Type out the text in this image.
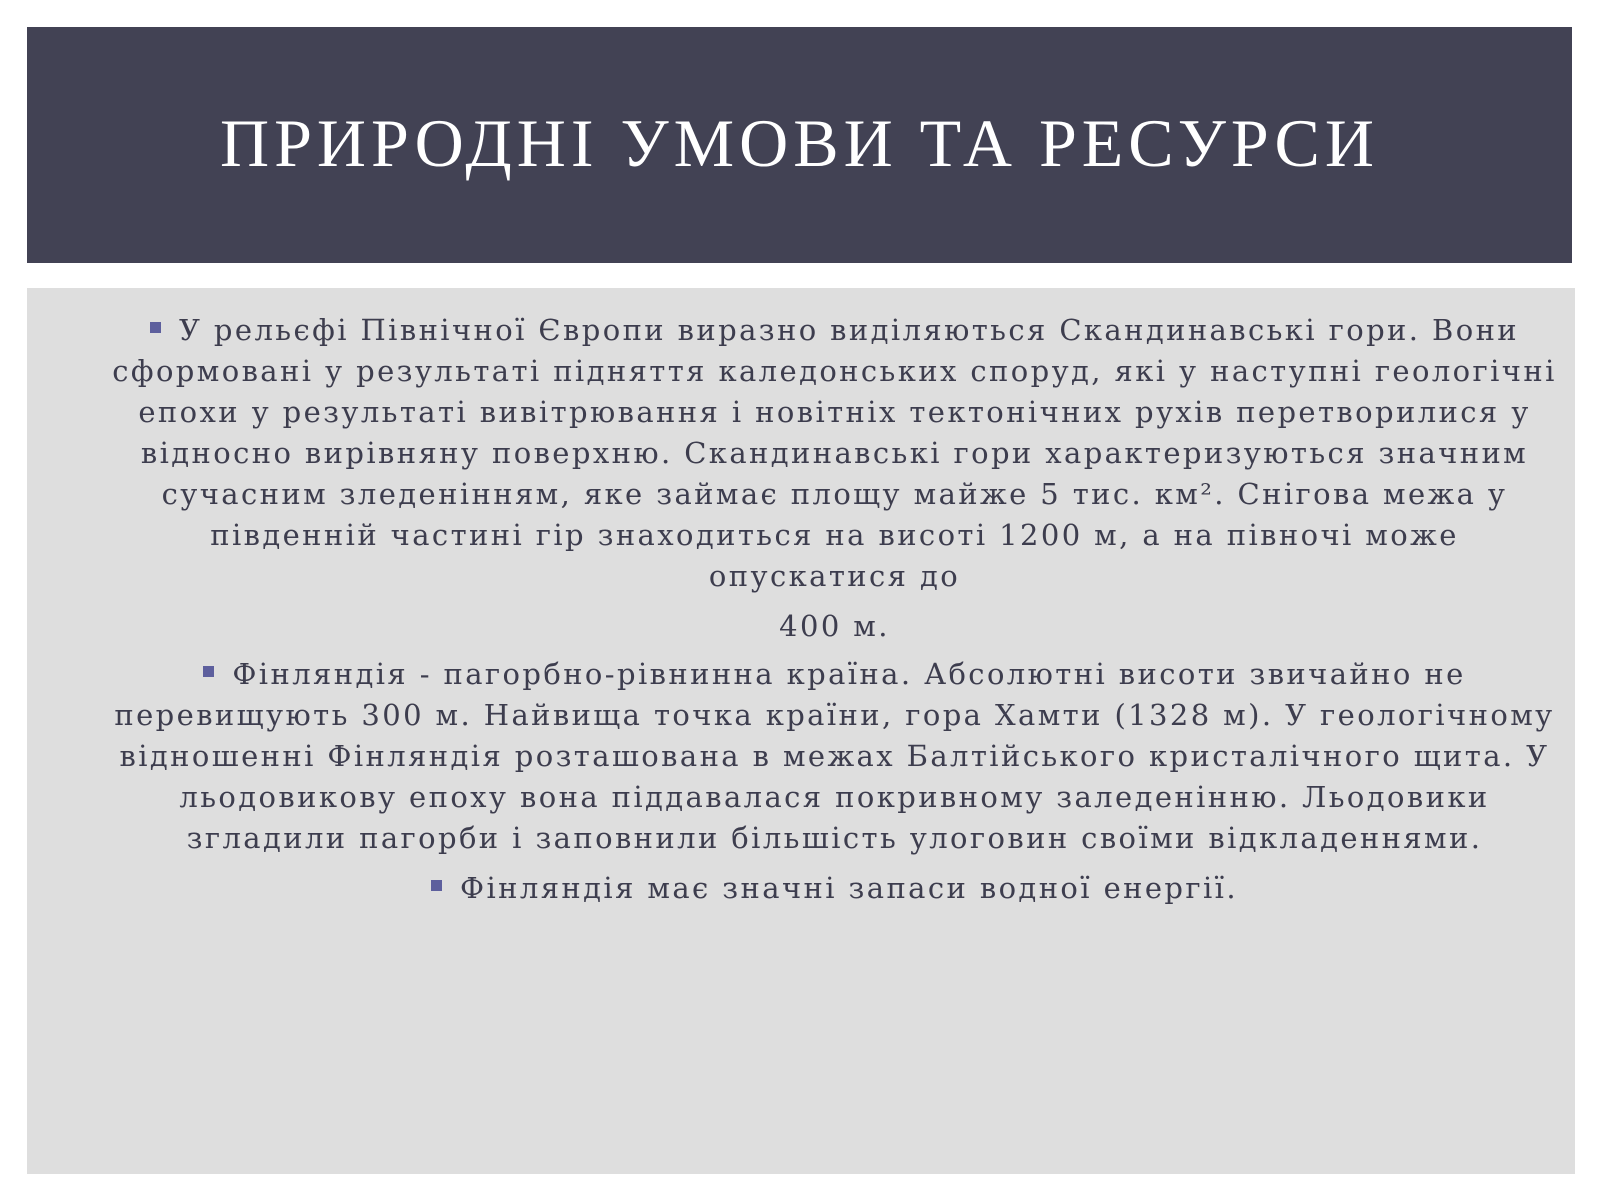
ПРИРОДНІ УМОВИ ТА РЕСУРСИ

У рельєфі Північної Європи виразно виділяються Скандинавські гори. Вони сформовані у результаті підняття каледонських споруд, які у наступні геологічні епохи у результаті вивітрювання і новітніх тектонічних рухів перетворилися у відносно вирівняну поверхню. Скандинавські гори характеризуються значним сучасним зледенінням, яке займає площу майже 5 тис. км². Снігова межа у південній частині гір знаходиться на висоті 1200 м, а на півночі може опускатися до

400 м.

Фінляндія - пагорбно-рівнинна країна. Абсолютні висоти звичайно не перевищують 300 м. Найвища точка країни, гора Хамти (1328 м). У геологічному відношенні Фінляндія розташована в межах Балтійського кристалічного щита. У льодовикову епоху вона піддавалася покривному заледенінню. Льодовики згладили пагорби і заповнили більшість улоговин своїми відкладеннями.

Фінляндія має значні запаси водної енергії.
